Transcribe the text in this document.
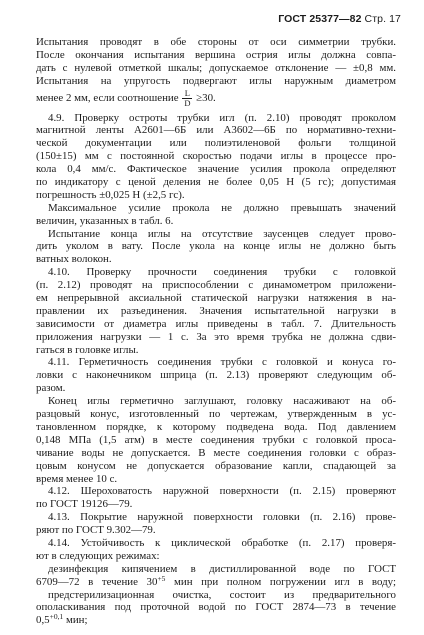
ГОСТ 25377—82 Стр. 17
Испытания проводят в обе стороны от оси симметрии трубки.
После окончания испытания вершина острия иглы должна совпа-
дать с нулевой отметкой шкалы; допускаемое отклонение — ±0,8 мм.
Испытания на упругость подвергают иглы наружным диаметром
менее 2 мм, если соотношение $\frac{L}{D} \ge 30$.
4.9. Проверку остроты трубки игл (п. 2.10) проводят проколом
магнитной ленты А2601—6Б или А3602—6Б по нормативно-техни-
ческой документации или полиэтиленовой фольги толщиной
(150±15) мм с постоянной скоростью подачи иглы в процессе про-
кола 0,4 мм/с. Фактическое значение усилия прокола определяют
по индикатору с ценой деления не более 0,05 Н (5 гс); допустимая
погрешность ±0,025 Н (±2,5 гс).
Максимальное усилие прокола не должно превышать значений
величин, указанных в табл. 6.
Испытание конца иглы на отсутствие заусенцев следует прово-
дить уколом в вату. После укола на конце иглы не должно быть
ватных волокон.
4.10. Проверку прочности соединения трубки с головкой
(п. 2.12) проводят на приспособлении с динамометром приложени-
ем непрерывной аксиальной статической нагрузки натяжения в на-
правлении их разъединения. Значения испытательной нагрузки в
зависимости от диаметра иглы приведены в табл. 7. Длительность
приложения нагрузки — 1 с. За это время трубка не должна сдви-
гаться в головке иглы.
4.11. Герметичность соединения трубки с головкой и конуса го-
ловки с наконечником шприца (п. 2.13) проверяют следующим об-
разом.
Конец иглы герметично заглушают, головку насаживают на об-
разцовый конус, изготовленный по чертежам, утвержденным в ус-
тановленном порядке, к которому подведена вода. Под давлением
0,148 МПа (1,5 атм) в месте соединения трубки с головкой проса-
чивание воды не допускается. В месте соединения головки с образ-
цовым конусом не допускается образование капли, спадающей за
время менее 10 с.
4.12. Шероховатость наружной поверхности (п. 2.15) проверяют
по ГОСТ 19126—79.
4.13. Покрытие наружной поверхности головки (п. 2.16) прове-
ряют по ГОСТ 9.302—79.
4.14. Устойчивость к циклической обработке (п. 2.17) проверя-
ют в следующих режимах:
дезинфекция кипячением в дистиллированной воде по ГОСТ
6709—72 в течение $30^{+5}$ мин при полном погружении игл в воду;
предстерилизационная очистка, состоит из предварительного
ополаскивания под проточной водой по ГОСТ 2874—73 в течение
$0,5^{+0,1}$ мин;
